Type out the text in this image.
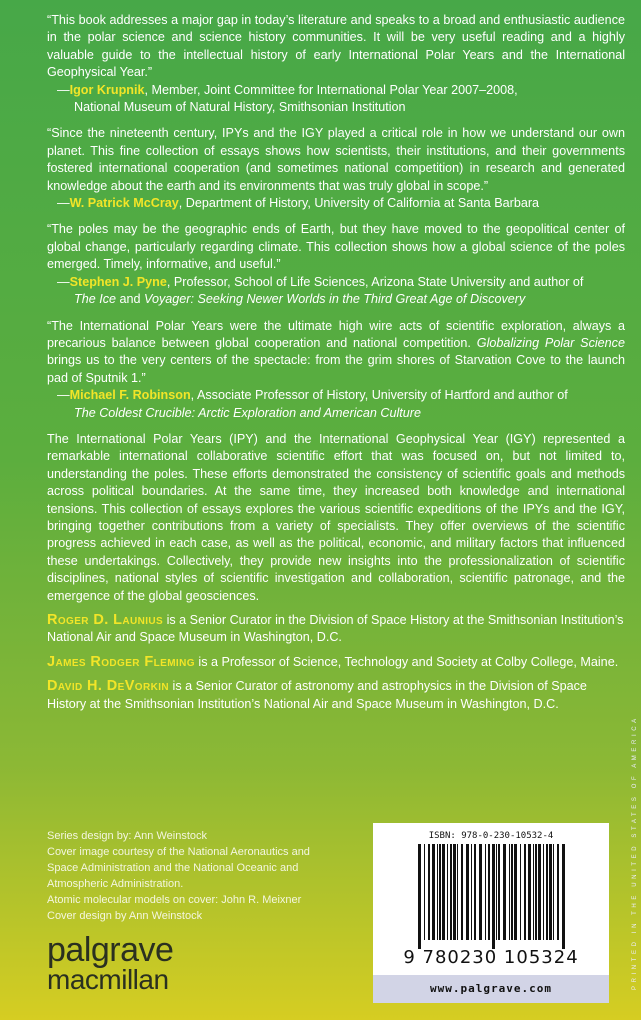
“This book addresses a major gap in today’s literature and speaks to a broad and enthusiastic audience in the polar science and science history communities. It will be very useful reading and a highly valuable guide to the intellectual history of early International Polar Years and the International Geophysical Year.”
—Igor Krupnik, Member, Joint Committee for International Polar Year 2007–2008,
National Museum of Natural History, Smithsonian Institution
“Since the nineteenth century, IPYs and the IGY played a critical role in how we understand our own planet. This fine collection of essays shows how scientists, their institutions, and their governments fostered international cooperation (and sometimes national competition) in research and generated knowledge about the earth and its environments that was truly global in scope.”
—W. Patrick McCray, Department of History, University of California at Santa Barbara
“The poles may be the geographic ends of Earth, but they have moved to the geopolitical center of global change, particularly regarding climate. This collection shows how a global science of the poles emerged. Timely, informative, and useful.”
—Stephen J. Pyne, Professor, School of Life Sciences, Arizona State University and author of
The Ice and Voyager: Seeking Newer Worlds in the Third Great Age of Discovery
“The International Polar Years were the ultimate high wire acts of scientific exploration, always a precarious balance between global cooperation and national competition. Globalizing Polar Science brings us to the very centers of the spectacle: from the grim shores of Starvation Cove to the launch pad of Sputnik 1.”
—Michael F. Robinson, Associate Professor of History, University of Hartford and author of
The Coldest Crucible: Arctic Exploration and American Culture
The International Polar Years (IPY) and the International Geophysical Year (IGY) represented a remarkable international collaborative scientific effort that was focused on, but not limited to, understanding the poles. These efforts demonstrated the consistency of scientific goals and methods across political boundaries. At the same time, they increased both knowledge and international tensions. This collection of essays explores the various scientific expeditions of the IPYs and the IGY, bringing together contributions from a variety of specialists. They offer overviews of the scientific progress achieved in each case, as well as the political, economic, and military factors that influenced these undertakings. Collectively, they provide new insights into the professionalization of scientific disciplines, national styles of scientific investigation and collaboration, scientific patronage, and the emergence of the global geosciences.
Roger D. Launius is a Senior Curator in the Division of Space History at the Smithsonian Institution’s National Air and Space Museum in Washington, D.C.
James Rodger Fleming is a Professor of Science, Technology and Society at Colby College, Maine.
David H. DeVorkin is a Senior Curator of astronomy and astrophysics in the Division of Space History at the Smithsonian Institution’s National Air and Space Museum in Washington, D.C.
Series design by: Ann Weinstock
Cover image courtesy of the National Aeronautics and
Space Administration and the National Oceanic and
Atmospheric Administration.
Atomic molecular models on cover: John R. Meixner
Cover design by Ann Weinstock
palgrave
macmillan
ISBN: 978-0-230-10532-4
9 780230 105324
www.palgrave.com	PRINTED IN THE UNITED STATES OF AMERICA
